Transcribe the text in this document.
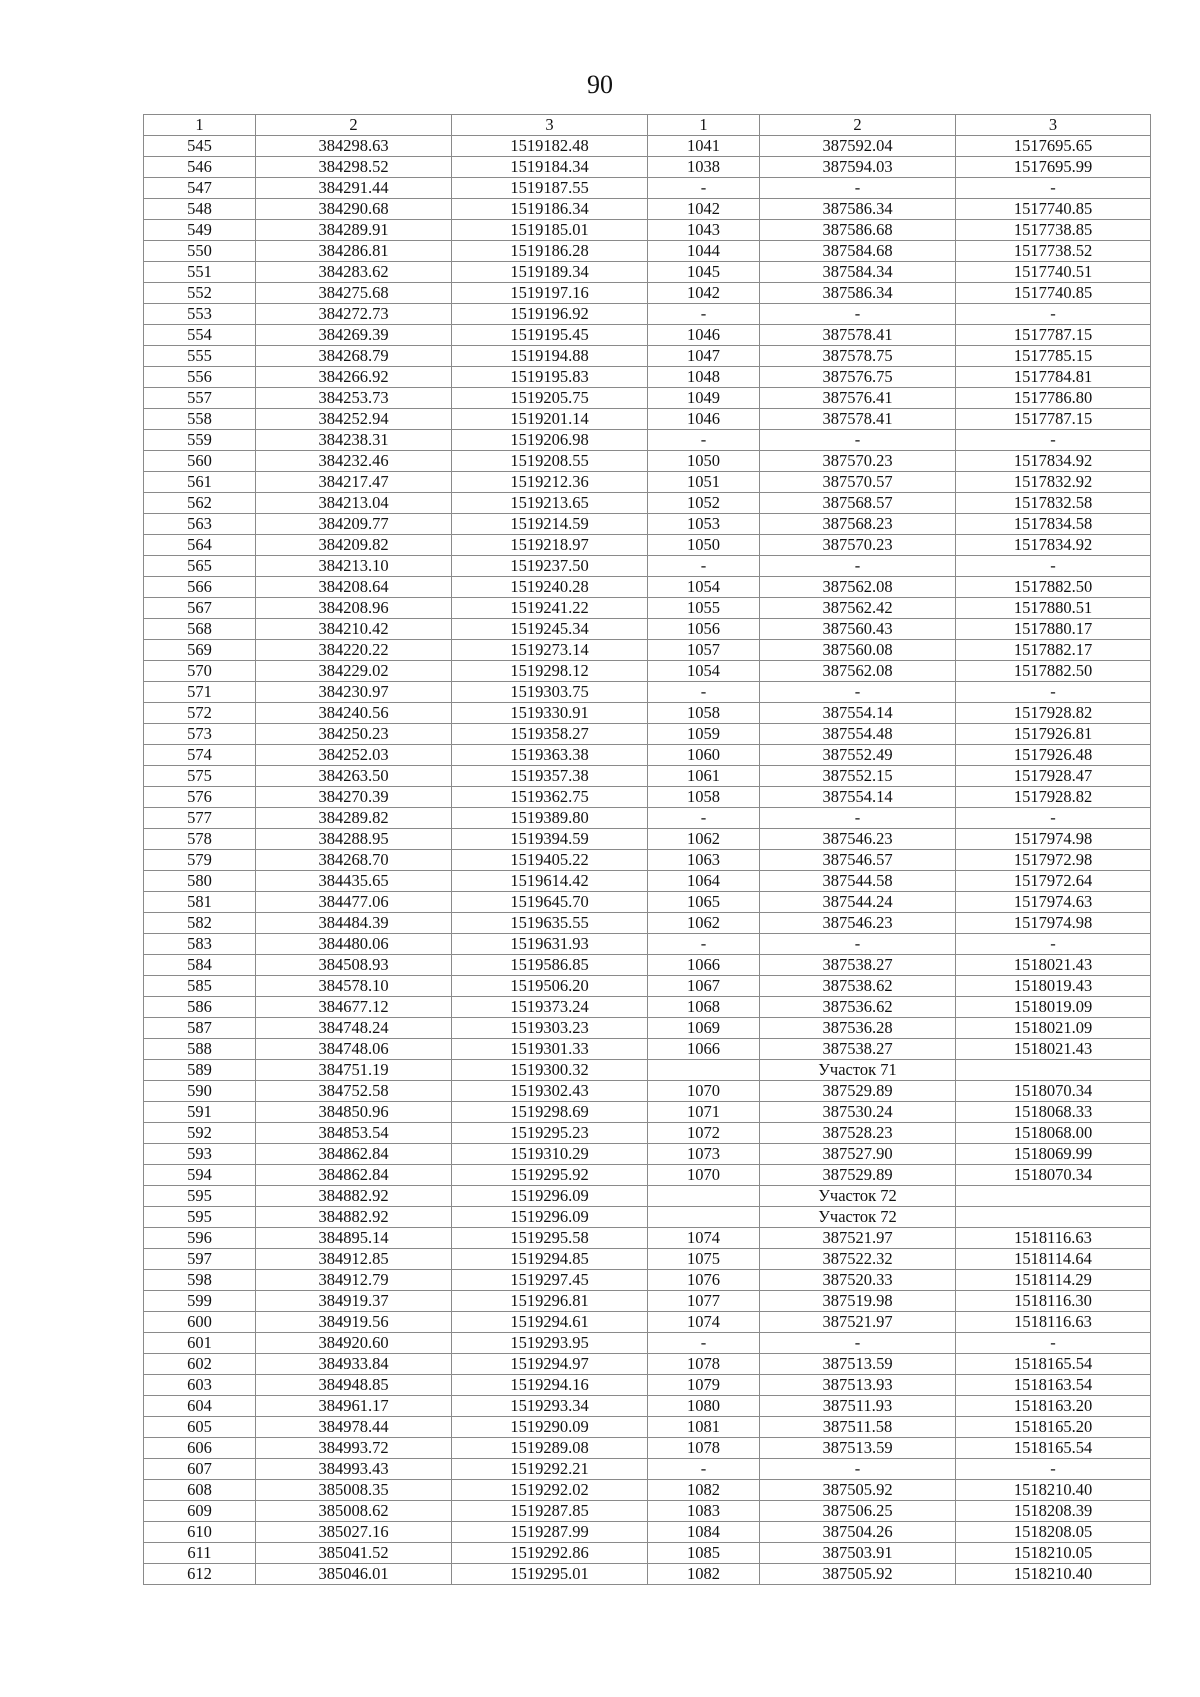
90
1	2	3	1	2	3
545	384298.63	1519182.48	1041	387592.04	1517695.65
546	384298.52	1519184.34	1038	387594.03	1517695.99
547	384291.44	1519187.55	-	-	-
548	384290.68	1519186.34	1042	387586.34	1517740.85
549	384289.91	1519185.01	1043	387586.68	1517738.85
550	384286.81	1519186.28	1044	387584.68	1517738.52
551	384283.62	1519189.34	1045	387584.34	1517740.51
552	384275.68	1519197.16	1042	387586.34	1517740.85
553	384272.73	1519196.92	-	-	-
554	384269.39	1519195.45	1046	387578.41	1517787.15
555	384268.79	1519194.88	1047	387578.75	1517785.15
556	384266.92	1519195.83	1048	387576.75	1517784.81
557	384253.73	1519205.75	1049	387576.41	1517786.80
558	384252.94	1519201.14	1046	387578.41	1517787.15
559	384238.31	1519206.98	-	-	-
560	384232.46	1519208.55	1050	387570.23	1517834.92
561	384217.47	1519212.36	1051	387570.57	1517832.92
562	384213.04	1519213.65	1052	387568.57	1517832.58
563	384209.77	1519214.59	1053	387568.23	1517834.58
564	384209.82	1519218.97	1050	387570.23	1517834.92
565	384213.10	1519237.50	-	-	-
566	384208.64	1519240.28	1054	387562.08	1517882.50
567	384208.96	1519241.22	1055	387562.42	1517880.51
568	384210.42	1519245.34	1056	387560.43	1517880.17
569	384220.22	1519273.14	1057	387560.08	1517882.17
570	384229.02	1519298.12	1054	387562.08	1517882.50
571	384230.97	1519303.75	-	-	-
572	384240.56	1519330.91	1058	387554.14	1517928.82
573	384250.23	1519358.27	1059	387554.48	1517926.81
574	384252.03	1519363.38	1060	387552.49	1517926.48
575	384263.50	1519357.38	1061	387552.15	1517928.47
576	384270.39	1519362.75	1058	387554.14	1517928.82
577	384289.82	1519389.80	-	-	-
578	384288.95	1519394.59	1062	387546.23	1517974.98
579	384268.70	1519405.22	1063	387546.57	1517972.98
580	384435.65	1519614.42	1064	387544.58	1517972.64
581	384477.06	1519645.70	1065	387544.24	1517974.63
582	384484.39	1519635.55	1062	387546.23	1517974.98
583	384480.06	1519631.93	-	-	-
584	384508.93	1519586.85	1066	387538.27	1518021.43
585	384578.10	1519506.20	1067	387538.62	1518019.43
586	384677.12	1519373.24	1068	387536.62	1518019.09
587	384748.24	1519303.23	1069	387536.28	1518021.09
588	384748.06	1519301.33	1066	387538.27	1518021.43
589	384751.19	1519300.32		Участок 71	
590	384752.58	1519302.43	1070	387529.89	1518070.34
591	384850.96	1519298.69	1071	387530.24	1518068.33
592	384853.54	1519295.23	1072	387528.23	1518068.00
593	384862.84	1519310.29	1073	387527.90	1518069.99
594	384862.84	1519295.92	1070	387529.89	1518070.34
595	384882.92	1519296.09		Участок 72	
595	384882.92	1519296.09		Участок 72	
596	384895.14	1519295.58	1074	387521.97	1518116.63
597	384912.85	1519294.85	1075	387522.32	1518114.64
598	384912.79	1519297.45	1076	387520.33	1518114.29
599	384919.37	1519296.81	1077	387519.98	1518116.30
600	384919.56	1519294.61	1074	387521.97	1518116.63
601	384920.60	1519293.95	-	-	-
602	384933.84	1519294.97	1078	387513.59	1518165.54
603	384948.85	1519294.16	1079	387513.93	1518163.54
604	384961.17	1519293.34	1080	387511.93	1518163.20
605	384978.44	1519290.09	1081	387511.58	1518165.20
606	384993.72	1519289.08	1078	387513.59	1518165.54
607	384993.43	1519292.21	-	-	-
608	385008.35	1519292.02	1082	387505.92	1518210.40
609	385008.62	1519287.85	1083	387506.25	1518208.39
610	385027.16	1519287.99	1084	387504.26	1518208.05
611	385041.52	1519292.86	1085	387503.91	1518210.05
612	385046.01	1519295.01	1082	387505.92	1518210.40
